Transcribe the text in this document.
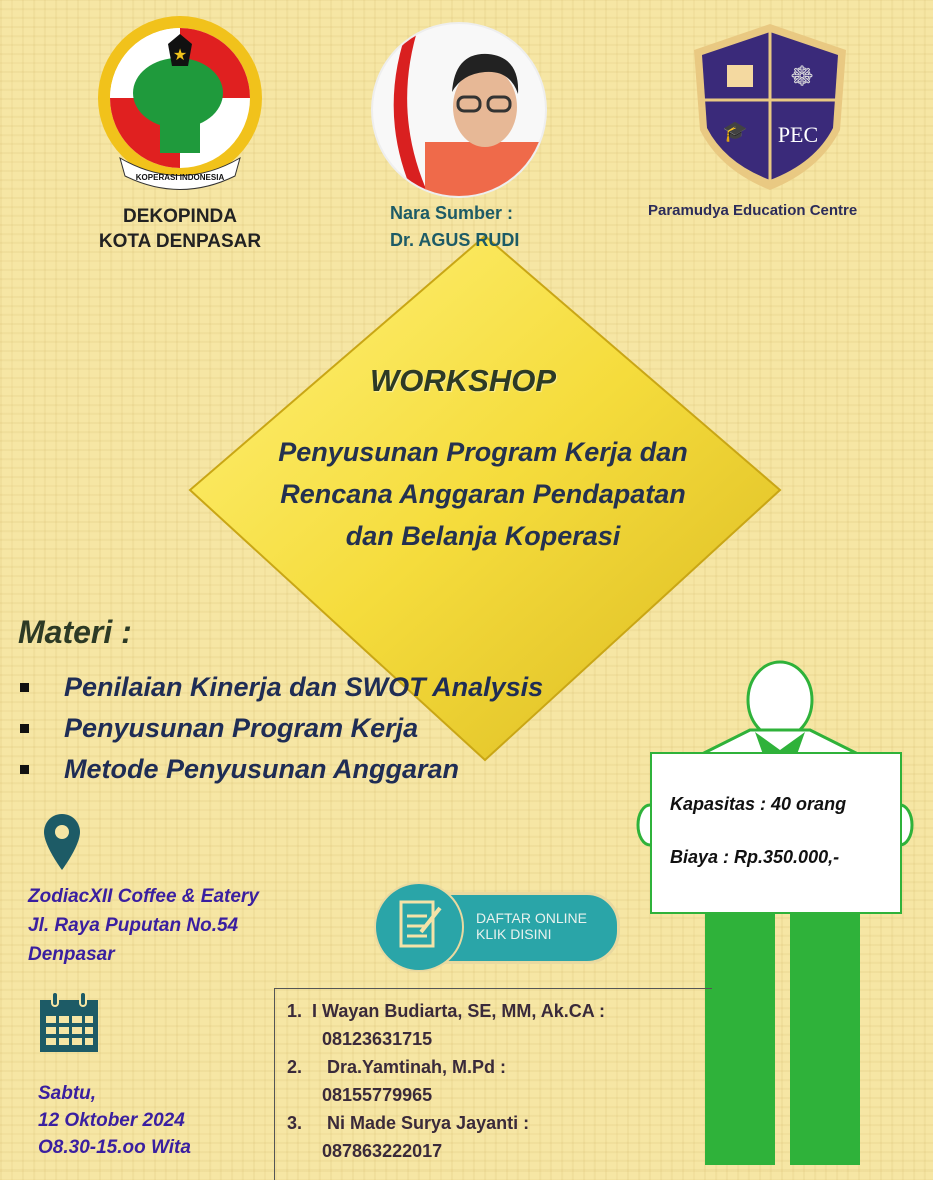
★
KOPERASI INDONESIA
DEKOPINDA
KOTA DENPASAR
Nara Sumber :
Dr. AGUS RUDI
☸
🎓 PEC
Paramudya Education Centre
WORKSHOP
Penyusunan Program Kerja dan
Rencana Anggaran Pendapatan
dan Belanja Koperasi
Materi :
Penilaian Kinerja dan SWOT Analysis
Penyusunan Program Kerja
Metode Penyusunan Anggaran
Kapasitas : 40 orang
Biaya : Rp.350.000,-
ZodiacXII Coffee & Eatery
Jl. Raya Puputan No.54
Denpasar
Sabtu,
12 Oktober 2024
O8.30-15.oo Wita
DAFTAR ONLINE
KLIK DISINI
1.  I Wayan Budiarta, SE, MM, Ak.CA :
08123631715
2.     Dra.Yamtinah, M.Pd :
08155779965
3.     Ni Made Surya Jayanti :
087863222017
